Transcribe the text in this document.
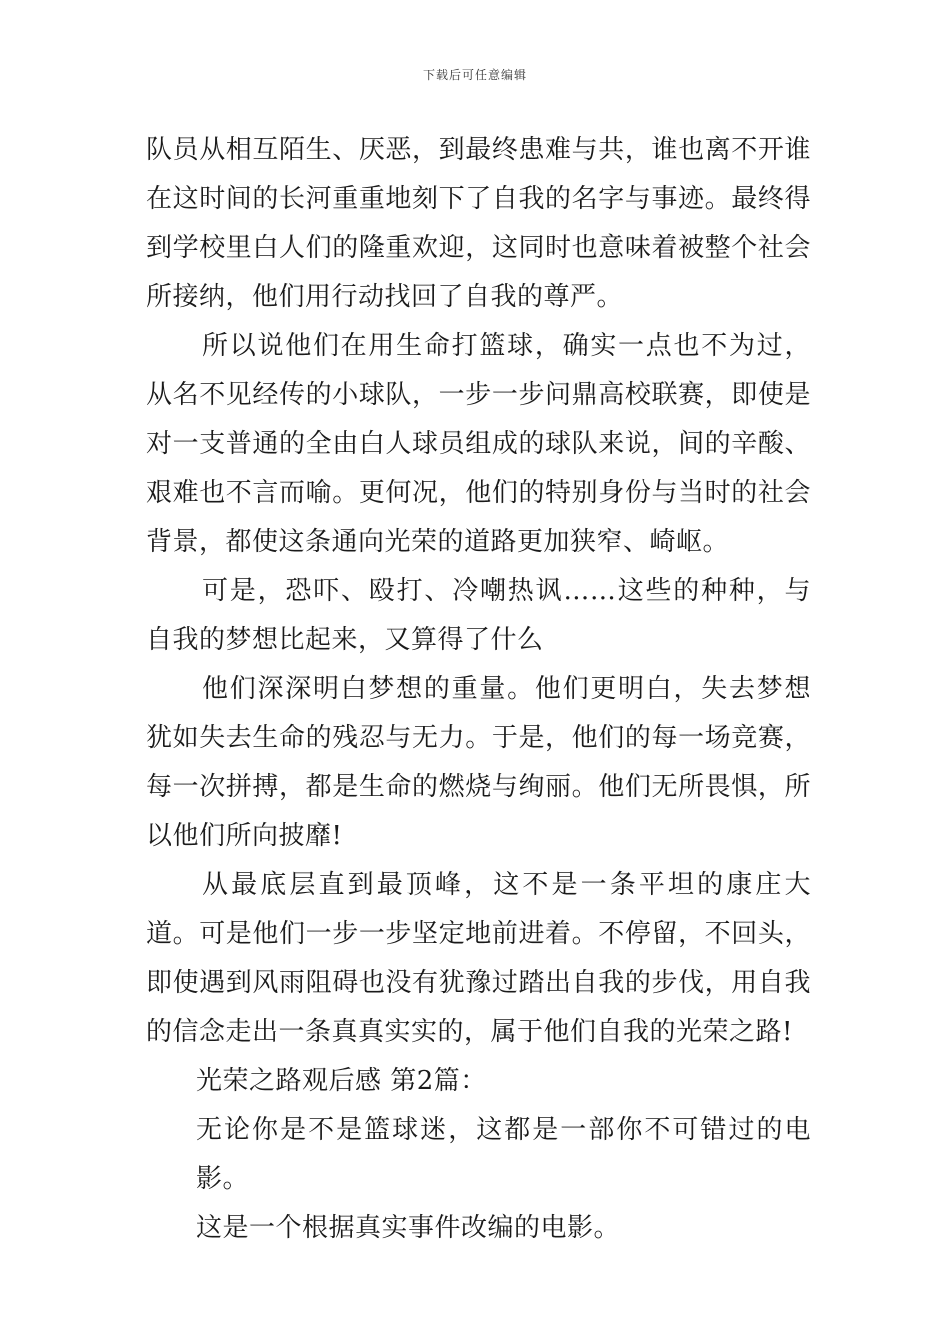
下载后可任意编辑

队员从相互陌生、厌恶，到最终患难与共，谁也离不开谁在这时间的长河重重地刻下了自我的名字与事迹。最终得到学校里白人们的隆重欢迎，这同时也意味着被整个社会所接纳，他们用行动找回了自我的尊严。

所以说他们在用生命打篮球，确实一点也不为过，从名不见经传的小球队，一步一步问鼎高校联赛，即使是对一支普通的全由白人球员组成的球队来说，间的辛酸、艰难也不言而喻。更何况，他们的特别身份与当时的社会背景，都使这条通向光荣的道路更加狭窄、崎岖。

可是，恐吓、殴打、冷嘲热讽……这些的种种，与自我的梦想比起来，又算得了什么

他们深深明白梦想的重量。他们更明白，失去梦想犹如失去生命的残忍与无力。于是，他们的每一场竞赛，每一次拼搏，都是生命的燃烧与绚丽。他们无所畏惧，所以他们所向披靡!

从最底层直到最顶峰，这不是一条平坦的康庄大道。可是他们一步一步坚定地前进着。不停留，不回头，即使遇到风雨阻碍也没有犹豫过踏出自我的步伐，用自我的信念走出一条真真实实的，属于他们自我的光荣之路!

光荣之路观后感 第2篇：

无论你是不是篮球迷，这都是一部你不可错过的电影。

这是一个根据真实事件改编的电影。
